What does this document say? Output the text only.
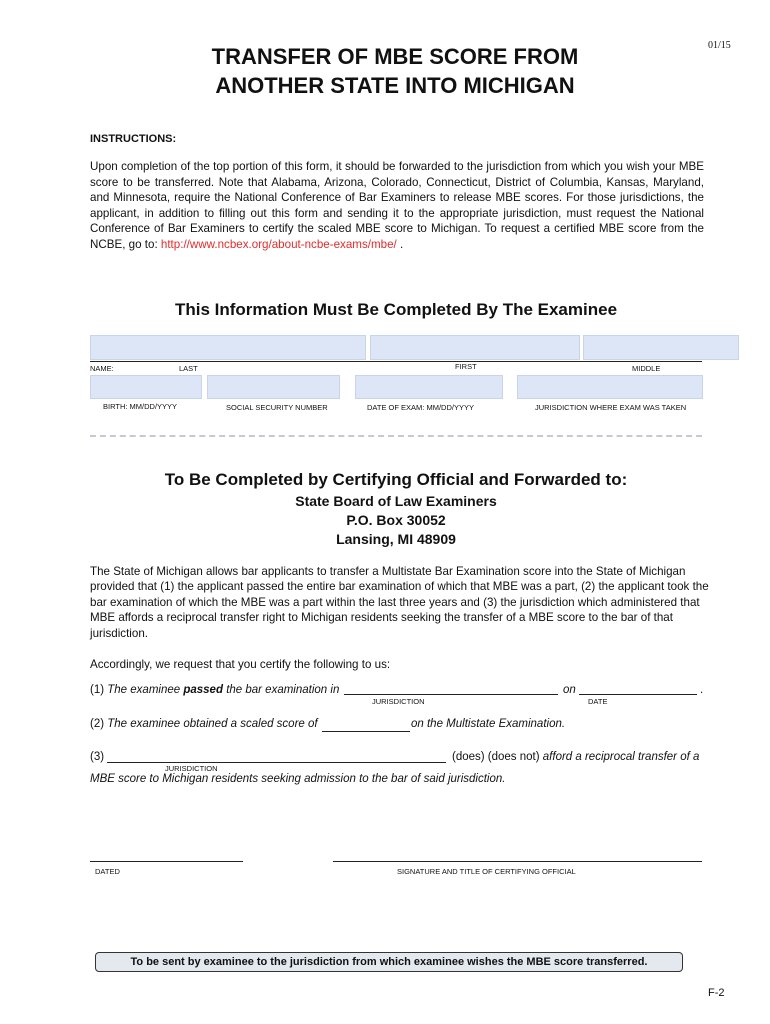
TRANSFER OF MBE SCORE FROM
ANOTHER STATE INTO MICHIGAN
01/15
INSTRUCTIONS:
Upon completion of the top portion of this form, it should be forwarded to the jurisdiction from which you wish your MBE score to be transferred. Note that Alabama, Arizona, Colorado, Connecticut, District of Columbia, Kansas, Maryland, and Minnesota, require the National Conference of Bar Examiners to release MBE scores. For those jurisdictions, the applicant, in addition to filling out this form and sending it to the appropriate jurisdiction, must request the National Conference of Bar Examiners to certify the scaled MBE score to Michigan. To request a certified MBE score from the NCBE, go to: http://www.ncbex.org/about-ncbe-exams/mbe/ .
This Information Must Be Completed By The Examinee
NAME:	LAST	FIRST	MIDDLE
BIRTH: MM/DD/YYYY	SOCIAL SECURITY NUMBER	DATE OF EXAM: MM/DD/YYYY	JURISDICTION WHERE EXAM WAS TAKEN
To Be Completed by Certifying Official and Forwarded to:
State Board of Law Examiners
P.O. Box 30052
Lansing, MI 48909
The State of Michigan allows bar applicants to transfer a Multistate Bar Examination score into the State of Michigan provided that (1) the applicant passed the entire bar examination of which that MBE was a part, (2) the applicant took the bar examination of which the MBE was a part within the last three years and (3) the jurisdiction which administered that MBE affords a reciprocal transfer right to Michigan residents seeking the transfer of a MBE score to the bar of that jurisdiction.
Accordingly, we request that you certify the following to us:
(1) The examinee passed the bar examination in	on	.
JURISDICTION	DATE
(2) The examinee obtained a scaled score of	on the Multistate Examination.
(3)
JURISDICTION
(does) (does not) afford a reciprocal transfer of a
MBE score to Michigan residents seeking admission to the bar of said jurisdiction.
DATED	SIGNATURE AND TITLE OF CERTIFYING OFFICIAL
To be sent by examinee to the jurisdiction from which examinee wishes the MBE score transferred.
F-2
